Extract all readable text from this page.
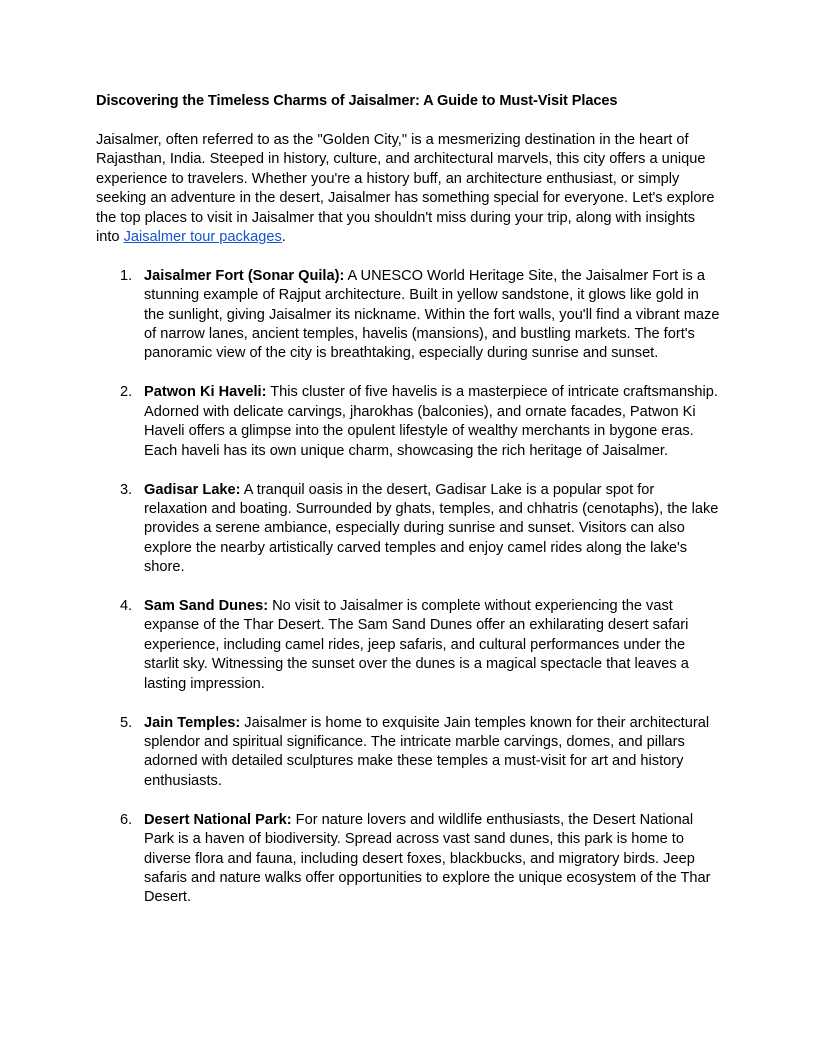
Discovering the Timeless Charms of Jaisalmer: A Guide to Must-Visit Places

Jaisalmer, often referred to as the "Golden City," is a mesmerizing destination in the heart of Rajasthan, India. Steeped in history, culture, and architectural marvels, this city offers a unique experience to travelers. Whether you're a history buff, an architecture enthusiast, or simply seeking an adventure in the desert, Jaisalmer has something special for everyone. Let's explore the top places to visit in Jaisalmer that you shouldn't miss during your trip, along with insights into Jaisalmer tour packages.

1. Jaisalmer Fort (Sonar Quila): A UNESCO World Heritage Site, the Jaisalmer Fort is a stunning example of Rajput architecture. Built in yellow sandstone, it glows like gold in the sunlight, giving Jaisalmer its nickname. Within the fort walls, you'll find a vibrant maze of narrow lanes, ancient temples, havelis (mansions), and bustling markets. The fort's panoramic view of the city is breathtaking, especially during sunrise and sunset.
2. Patwon Ki Haveli: This cluster of five havelis is a masterpiece of intricate craftsmanship. Adorned with delicate carvings, jharokhas (balconies), and ornate facades, Patwon Ki Haveli offers a glimpse into the opulent lifestyle of wealthy merchants in bygone eras. Each haveli has its own unique charm, showcasing the rich heritage of Jaisalmer.
3. Gadisar Lake: A tranquil oasis in the desert, Gadisar Lake is a popular spot for relaxation and boating. Surrounded by ghats, temples, and chhatris (cenotaphs), the lake provides a serene ambiance, especially during sunrise and sunset. Visitors can also explore the nearby artistically carved temples and enjoy camel rides along the lake's shore.
4. Sam Sand Dunes: No visit to Jaisalmer is complete without experiencing the vast expanse of the Thar Desert. The Sam Sand Dunes offer an exhilarating desert safari experience, including camel rides, jeep safaris, and cultural performances under the starlit sky. Witnessing the sunset over the dunes is a magical spectacle that leaves a lasting impression.
5. Jain Temples: Jaisalmer is home to exquisite Jain temples known for their architectural splendor and spiritual significance. The intricate marble carvings, domes, and pillars adorned with detailed sculptures make these temples a must-visit for art and history enthusiasts.
6. Desert National Park: For nature lovers and wildlife enthusiasts, the Desert National Park is a haven of biodiversity. Spread across vast sand dunes, this park is home to diverse flora and fauna, including desert foxes, blackbucks, and migratory birds. Jeep safaris and nature walks offer opportunities to explore the unique ecosystem of the Thar Desert.
